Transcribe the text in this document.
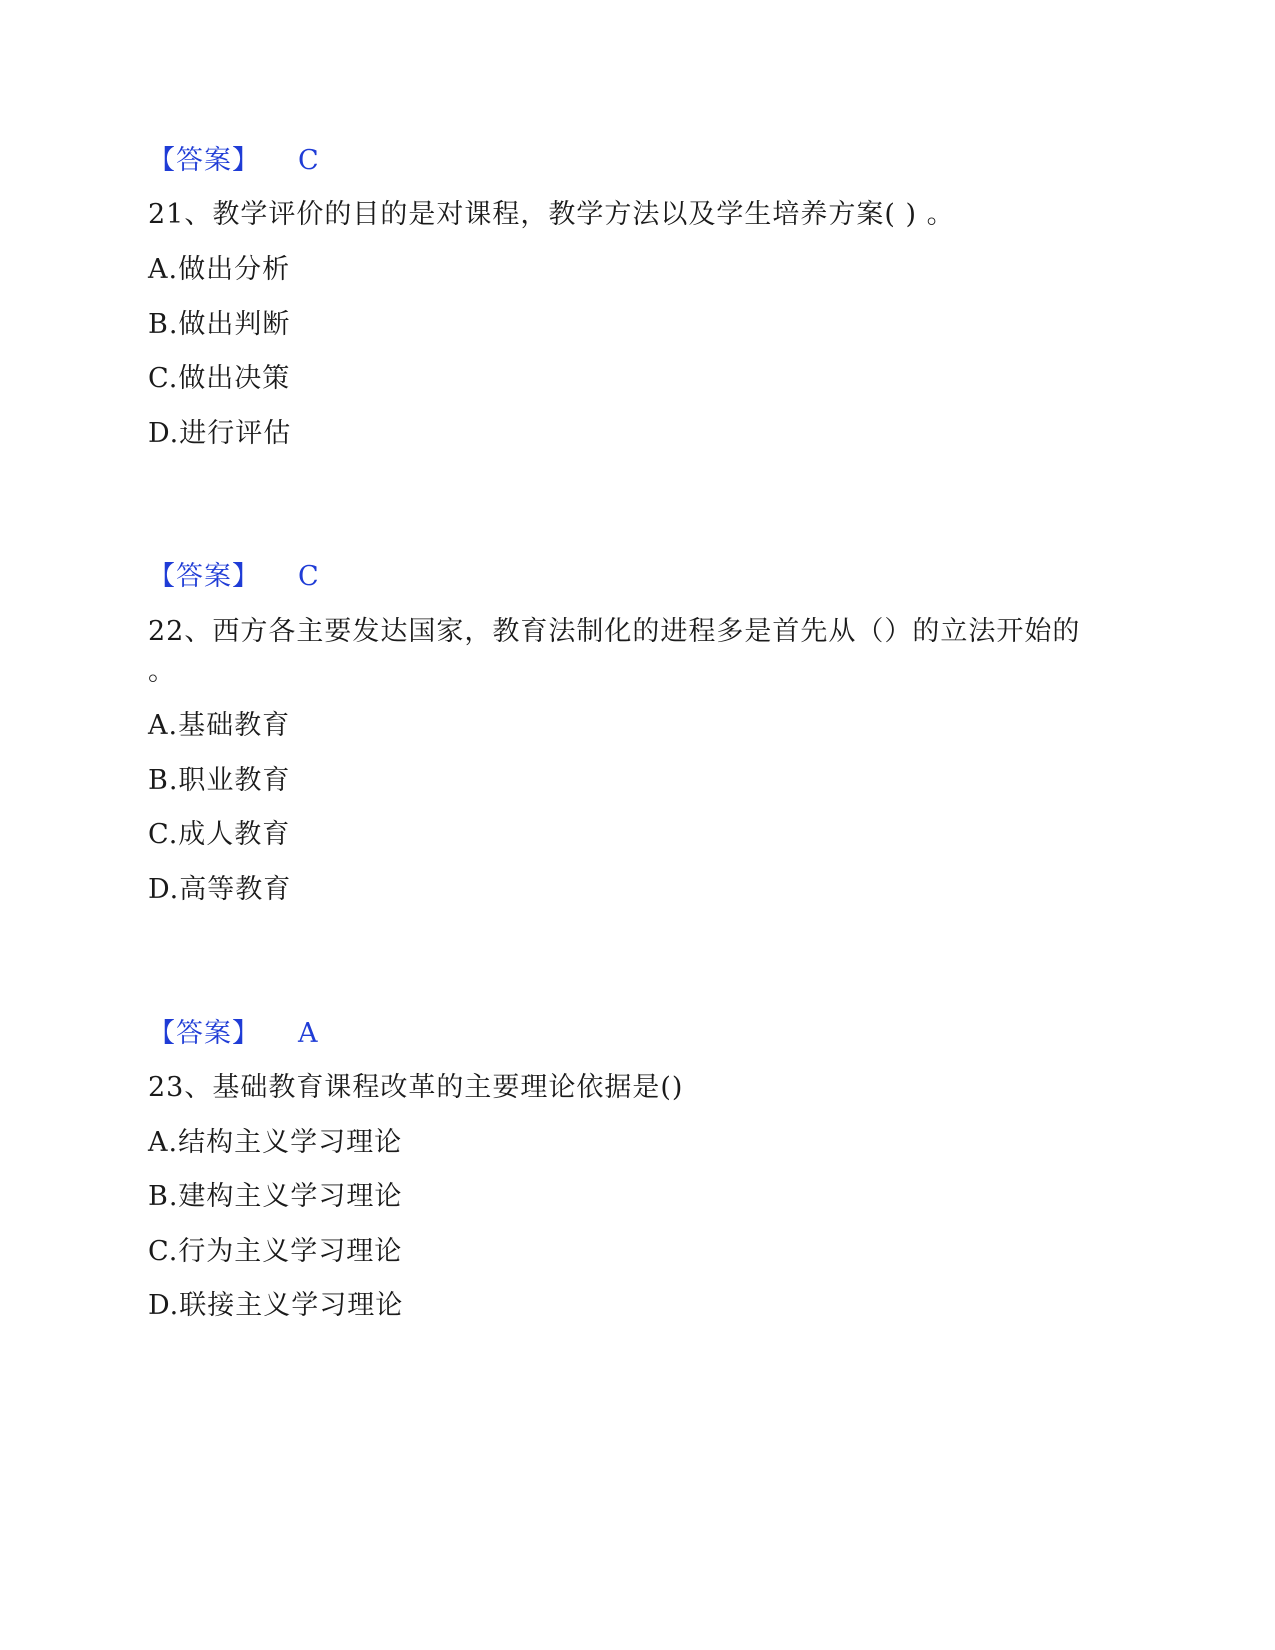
【答案】 C
21、教学评价的目的是对课程，教学方法以及学生培养方案( ) 。
A.做出分析
B.做出判断
C.做出决策
D.进行评估
【答案】 C
22、西方各主要发达国家，教育法制化的进程多是首先从（）的立法开始的
。
A.基础教育
B.职业教育
C.成人教育
D.高等教育
【答案】 A
23、基础教育课程改革的主要理论依据是()
A.结构主义学习理论
B.建构主义学习理论
C.行为主义学习理论
D.联接主义学习理论
